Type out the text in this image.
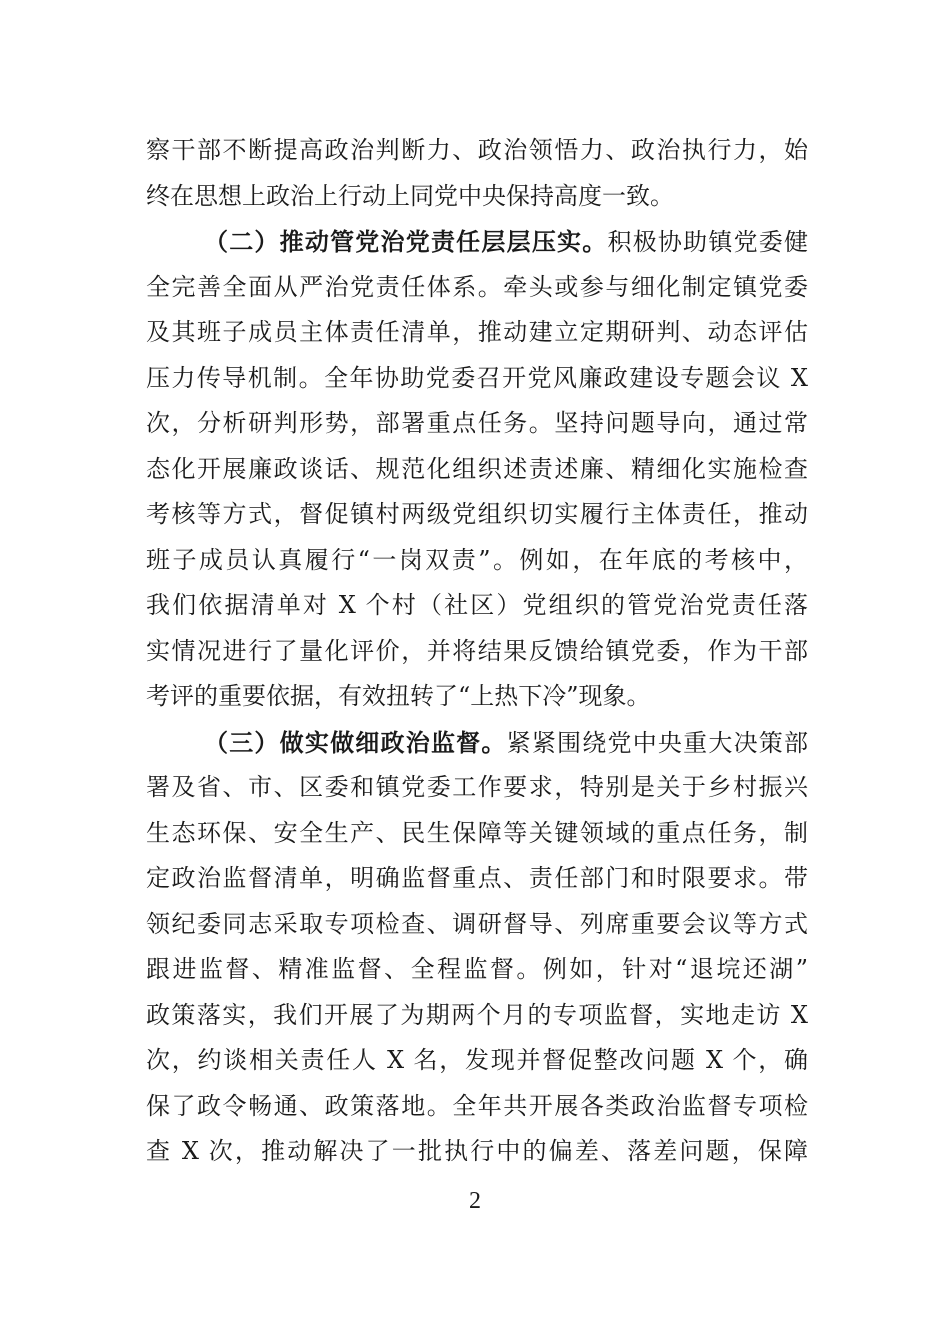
察干部不断提高政治判断力、政治领悟力、政治执行力，始
终在思想上政治上行动上同党中央保持高度一致。
（二）推动管党治党责任层层压实。积极协助镇党委健
全完善全面从严治党责任体系。牵头或参与细化制定镇党委
及其班子成员主体责任清单，推动建立定期研判、动态评估
压力传导机制。全年协助党委召开党风廉政建设专题会议 X
次，分析研判形势，部署重点任务。坚持问题导向，通过常
态化开展廉政谈话、规范化组织述责述廉、精细化实施检查
考核等方式，督促镇村两级党组织切实履行主体责任，推动
班子成员认真履行“一岗双责”。例如，在年底的考核中，
我们依据清单对 X 个村（社区）党组织的管党治党责任落
实情况进行了量化评价，并将结果反馈给镇党委，作为干部
考评的重要依据，有效扭转了“上热下冷”现象。
（三）做实做细政治监督。紧紧围绕党中央重大决策部
署及省、市、区委和镇党委工作要求，特别是关于乡村振兴
生态环保、安全生产、民生保障等关键领域的重点任务，制
定政治监督清单，明确监督重点、责任部门和时限要求。带
领纪委同志采取专项检查、调研督导、列席重要会议等方式
跟进监督、精准监督、全程监督。例如，针对“退垸还湖”
政策落实，我们开展了为期两个月的专项监督，实地走访 X
次，约谈相关责任人 X 名，发现并督促整改问题 X 个，确
保了政令畅通、政策落地。全年共开展各类政治监督专项检
查 X 次，推动解决了一批执行中的偏差、落差问题，保障
2
